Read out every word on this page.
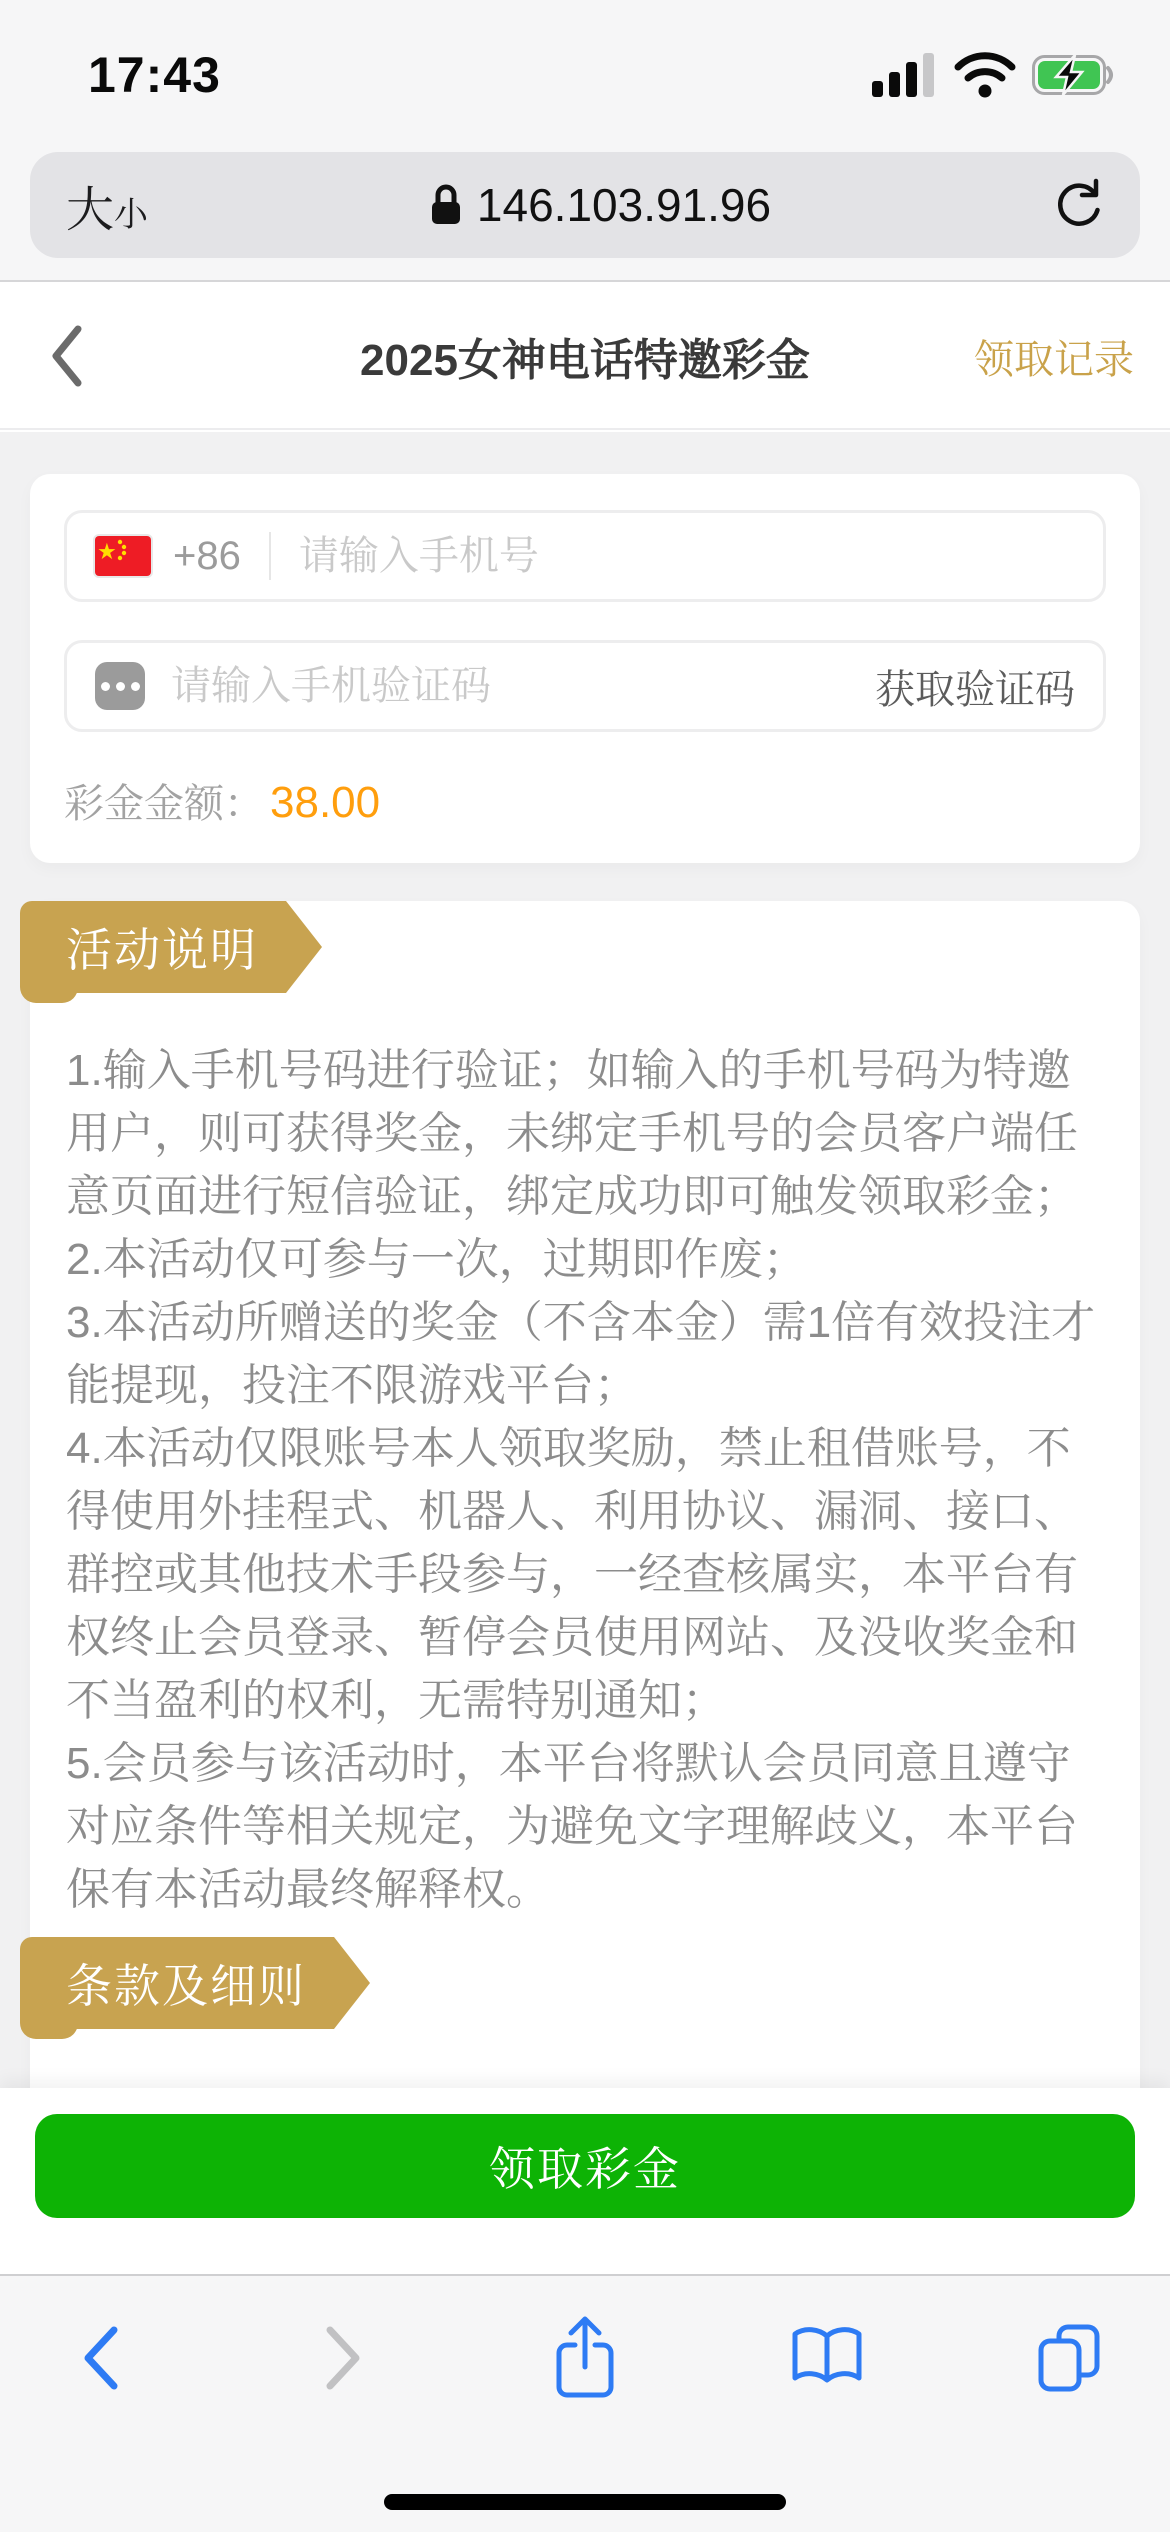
17:43
大 小	146.103.91.96
2025女神电话特邀彩金	领取记录
+86
请输入手机号
请输入手机验证码
获取验证码
彩金金额： 38.00
活动说明

1.输入手机号码进行验证；如输入的手机号码为特邀用户，则可获得奖金，未绑定手机号的会员客户端任意页面进行短信验证，绑定成功即可触发领取彩金；

2.本活动仅可参与一次，过期即作废；

3.本活动所赠送的奖金（不含本金）需1倍有效投注才能提现，投注不限游戏平台；

4.本活动仅限账号本人领取奖励，禁止租借账号，不得使用外挂程式、机器人、利用协议、漏洞、接口、群控或其他技术手段参与，一经查核属实，本平台有权终止会员登录、暂停会员使用网站、及没收奖金和不当盈利的权利，无需特别通知；

5.会员参与该活动时，本平台将默认会员同意且遵守对应条件等相关规定，为避免文字理解歧义，本平台保有本活动最终解释权。

条款及细则
领取彩金
